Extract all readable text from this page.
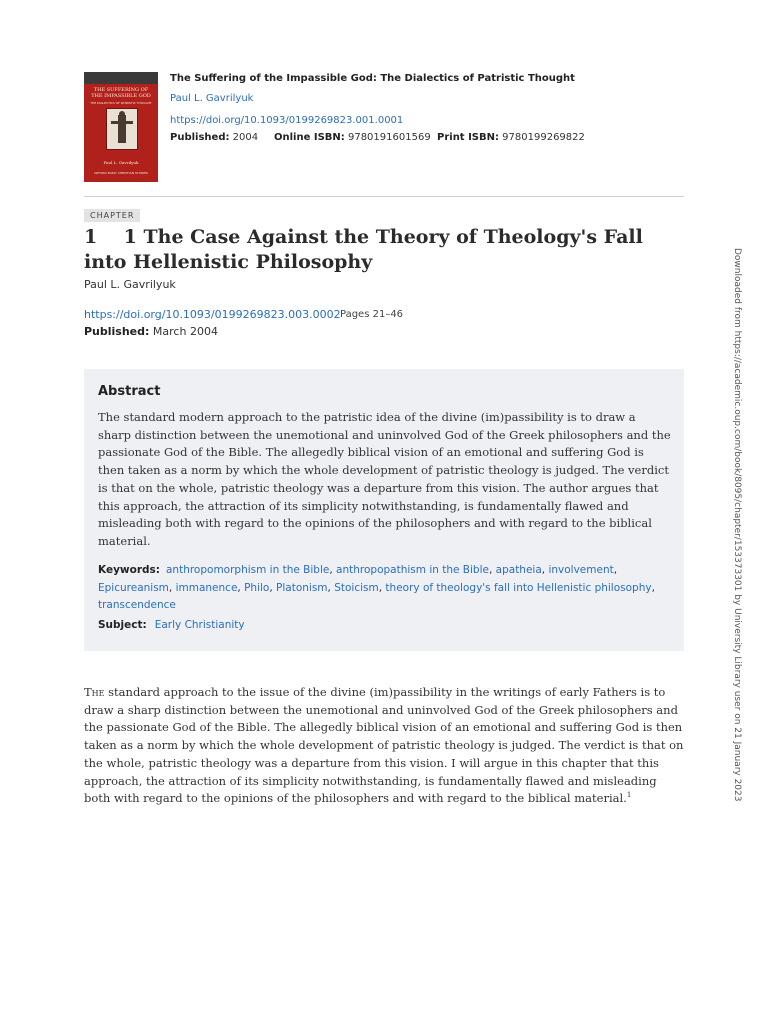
THE SUFFERING OF THE IMPASSIBLE GOD
THE DIALECTICS OF PATRISTIC THOUGHT
Paul L. Gavrilyuk
OXFORD EARLY CHRISTIAN STUDIES
The Suffering of the Impassible God: The Dialectics of Patristic Thought
Paul L. Gavrilyuk
https://doi.org/10.1093/0199269823.001.0001
Published: 2004 Online ISBN: 9780191601569 Print ISBN: 9780199269822
CHAPTER
1    1 The Case Against the Theory of Theology's Fall into Hellenistic Philosophy
Paul L. Gavrilyuk
https://doi.org/10.1093/0199269823.003.0002 Pages 21–46
Published: March 2004
Abstract
The standard modern approach to the patristic idea of the divine (im)passibility is to draw a sharp distinction between the unemotional and uninvolved God of the Greek philosophers and the passionate God of the Bible. The allegedly biblical vision of an emotional and suffering God is then taken as a norm by which the whole development of patristic theology is judged. The verdict is that on the whole, patristic theology was a departure from this vision. The author argues that this approach, the attraction of its simplicity notwithstanding, is fundamentally flawed and misleading both with regard to the opinions of the philosophers and with regard to the biblical material.
Keywords: anthropomorphism in the Bible, anthropopathism in the Bible, apatheia, involvement, Epicureanism, immanence, Philo, Platonism, Stoicism, theory of theology's fall into Hellenistic philosophy, transcendence
Subject: Early Christianity
The standard approach to the issue of the divine (im)passibility in the writings of early Fathers is to draw a sharp distinction between the unemotional and uninvolved God of the Greek philosophers and the passionate God of the Bible. The allegedly biblical vision of an emotional and suffering God is then taken as a norm by which the whole development of patristic theology is judged. The verdict is that on the whole, patristic theology was a departure from this vision. I will argue in this chapter that this approach, the attraction of its simplicity notwithstanding, is fundamentally flawed and misleading both with regard to the opinions of the philosophers and with regard to the biblical material.$^1$	Downloaded from https://academic.oup.com/book/8095/chapter/153373301 by University Library user on 21 January 2023
